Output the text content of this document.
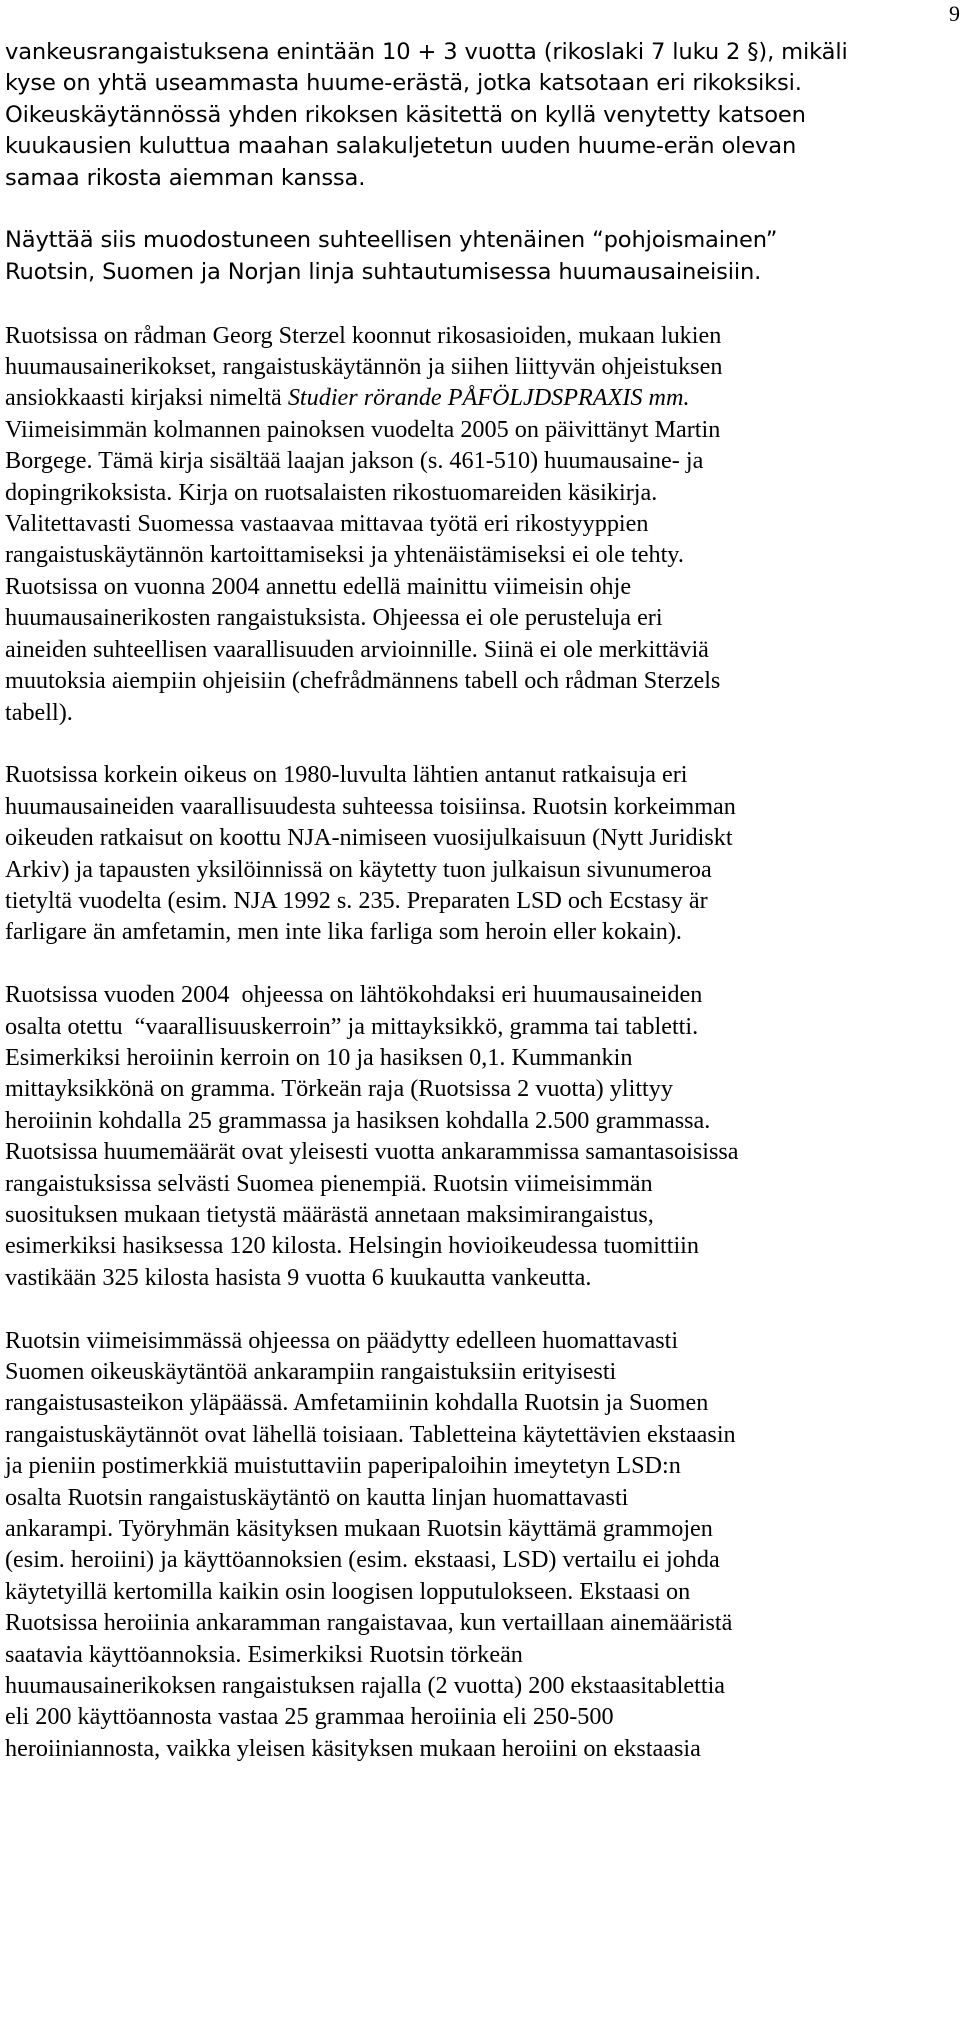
9
vankeusrangaistuksena enintään 10 + 3 vuotta (rikoslaki 7 luku 2 §), mikäli
kyse on yhtä useammasta huume-erästä, jotka katsotaan eri rikoksiksi.
Oikeuskäytännössä yhden rikoksen käsitettä on kyllä venytetty katsoen
kuukausien kuluttua maahan salakuljetetun uuden huume-erän olevan
samaa rikosta aiemman kanssa.
Näyttää siis muodostuneen suhteellisen yhtenäinen “pohjoismainen”
Ruotsin, Suomen ja Norjan linja suhtautumisessa huumausaineisiin.
Ruotsissa on rådman Georg Sterzel koonnut rikosasioiden, mukaan lukien
huumausainerikokset, rangaistuskäytännön ja siihen liittyvän ohjeistuksen
ansiokkaasti kirjaksi nimeltä Studier rörande PÅFÖLJDSPRAXIS mm.
Viimeisimmän kolmannen painoksen vuodelta 2005 on päivittänyt Martin
Borgege. Tämä kirja sisältää laajan jakson (s. 461-510) huumausaine- ja
dopingrikoksista. Kirja on ruotsalaisten rikostuomareiden käsikirja.
Valitettavasti Suomessa vastaavaa mittavaa työtä eri rikostyyppien
rangaistuskäytännön kartoittamiseksi ja yhtenäistämiseksi ei ole tehty.
Ruotsissa on vuonna 2004 annettu edellä mainittu viimeisin ohje
huumausainerikosten rangaistuksista. Ohjeessa ei ole perusteluja eri
aineiden suhteellisen vaarallisuuden arvioinnille. Siinä ei ole merkittäviä
muutoksia aiempiin ohjeisiin (chefrådmännens tabell och rådman Sterzels
tabell).
Ruotsissa korkein oikeus on 1980-luvulta lähtien antanut ratkaisuja eri
huumausaineiden vaarallisuudesta suhteessa toisiinsa. Ruotsin korkeimman
oikeuden ratkaisut on koottu NJA-nimiseen vuosijulkaisuun (Nytt Juridiskt
Arkiv) ja tapausten yksilöinnissä on käytetty tuon julkaisun sivunumeroa
tietyltä vuodelta (esim. NJA 1992 s. 235. Preparaten LSD och Ecstasy är
farligare än amfetamin, men inte lika farliga som heroin eller kokain).
Ruotsissa vuoden 2004  ohjeessa on lähtökohdaksi eri huumausaineiden
osalta otettu  “vaarallisuuskerroin” ja mittayksikkö, gramma tai tabletti.
Esimerkiksi heroiinin kerroin on 10 ja hasiksen 0,1. Kummankin
mittayksikkönä on gramma. Törkeän raja (Ruotsissa 2 vuotta) ylittyy
heroiinin kohdalla 25 grammassa ja hasiksen kohdalla 2.500 grammassa.
Ruotsissa huumemäärät ovat yleisesti vuotta ankarammissa samantasoisissa
rangaistuksissa selvästi Suomea pienempiä. Ruotsin viimeisimmän
suosituksen mukaan tietystä määrästä annetaan maksimirangaistus,
esimerkiksi hasiksessa 120 kilosta. Helsingin hovioikeudessa tuomittiin
vastikään 325 kilosta hasista 9 vuotta 6 kuukautta vankeutta.
Ruotsin viimeisimmässä ohjeessa on päädytty edelleen huomattavasti
Suomen oikeuskäytäntöä ankarampiin rangaistuksiin erityisesti
rangaistusasteikon yläpäässä. Amfetamiinin kohdalla Ruotsin ja Suomen
rangaistuskäytännöt ovat lähellä toisiaan. Tabletteina käytettävien ekstaasin
ja pieniin postimerkkiä muistuttaviin paperipaloihin imeytetyn LSD:n
osalta Ruotsin rangaistuskäytäntö on kautta linjan huomattavasti
ankarampi. Työryhmän käsityksen mukaan Ruotsin käyttämä grammojen
(esim. heroiini) ja käyttöannoksien (esim. ekstaasi, LSD) vertailu ei johda
käytetyillä kertomilla kaikin osin loogisen lopputulokseen. Ekstaasi on
Ruotsissa heroiinia ankaramman rangaistavaa, kun vertaillaan ainemääristä
saatavia käyttöannoksia. Esimerkiksi Ruotsin törkeän
huumausainerikoksen rangaistuksen rajalla (2 vuotta) 200 ekstaasitablettia
eli 200 käyttöannosta vastaa 25 grammaa heroiinia eli 250-500
heroiiniannosta, vaikka yleisen käsityksen mukaan heroiini on ekstaasia
